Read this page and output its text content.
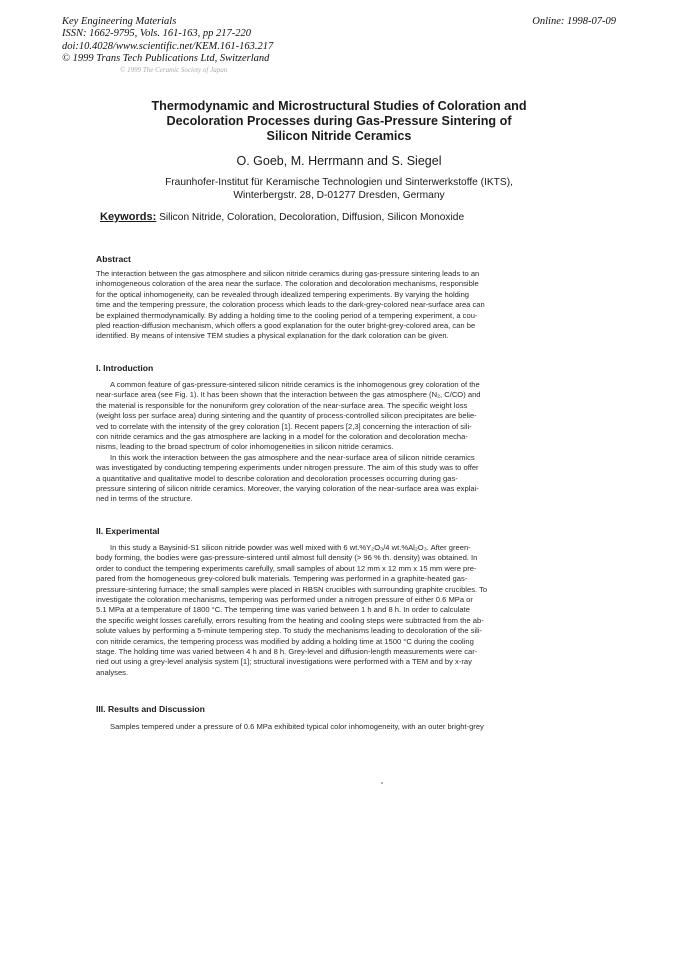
Key Engineering Materials
ISSN: 1662-9795, Vols. 161-163, pp 217-220
doi:10.4028/www.scientific.net/KEM.161-163.217
© 1999 Trans Tech Publications Ltd, Switzerland
Online: 1998-07-09
© 1999 The Ceramic Society of Japan
Thermodynamic and Microstructural Studies of Coloration and
Decoloration Processes during Gas-Pressure Sintering of
Silicon Nitride Ceramics
O. Goeb, M. Herrmann and S. Siegel
Fraunhofer-Institut für Keramische Technologien und Sinterwerkstoffe (IKTS),
Winterbergstr. 28, D-01277 Dresden, Germany
Keywords: Silicon Nitride, Coloration, Decoloration, Diffusion, Silicon Monoxide
Abstract
The interaction between the gas atmosphere and silicon nitride ceramics during gas-pressure sintering leads to an
inhomogeneous coloration of the area near the surface. The coloration and decoloration mechanisms, responsible
for the optical inhomogeneity, can be revealed through idealized tempering experiments. By varying the holding
time and the tempering pressure, the coloration process which leads to the dark-grey-colored near-surface area can
be explained thermodynamically. By adding a holding time to the cooling period of a tempering experiment, a cou-
pled reaction-diffusion mechanism, which offers a good explanation for the outer bright-grey-colored area, can be
identified. By means of intensive TEM studies a physical explanation for the dark coloration can be given.
I. Introduction
A common feature of gas-pressure-sintered silicon nitride ceramics is the inhomogenous grey coloration of the
near-surface area (see Fig. 1). It has been shown that the interaction between the gas atmosphere (N₂, C/CO) and
the material is responsible for the nonuniform grey coloration of the near-surface area. The specific weight loss
(weight loss per surface area) during sintering and the quantity of process-controlled silicon precipitates are belie-
ved to correlate with the intensity of the grey coloration [1]. Recent papers [2,3] concerning the interaction of sili-
con nitride ceramics and the gas atmosphere are lacking in a model for the coloration and decoloration mecha-
nisms, leading to the broad spectrum of color inhomogeneities in silicon nitride ceramics.
In this work the interaction between the gas atmosphere and the near-surface area of silicon nitride ceramics
was investigated by conducting tempering experiments under nitrogen pressure. The aim of this study was to offer
a quantitative and qualitative model to describe coloration and decoloration processes occurring during gas-
pressure sintering of silicon nitride ceramics. Moreover, the varying coloration of the near-surface area was explai-
ned in terms of the structure.
II. Experimental
In this study a Baysinid-S1 silicon nitride powder was well mixed with 6 wt.%Y₂O₃/4 wt.%Al₂O₃. After green-
body forming, the bodies were gas-pressure-sintered until almost full density (> 96 % th. density) was obtained. In
order to conduct the tempering experiments carefully, small samples of about 12 mm x 12 mm x 15 mm were pre-
pared from the homogeneous grey-colored bulk materials. Tempering was performed in a graphite-heated gas-
pressure-sintering furnace; the small samples were placed in RBSN crucibles with surrounding graphite crucibles. To
investigate the coloration mechanisms, tempering was performed under a nitrogen pressure of either 0.6 MPa or
5.1 MPa at a temperature of 1800 °C. The tempering time was varied between 1 h and 8 h. In order to calculate
the specific weight losses carefully, errors resulting from the heating and cooling steps were subtracted from the ab-
solute values by performing a 5-minute tempering step. To study the mechanisms leading to decoloration of the sili-
con nitride ceramics, the tempering process was modified by adding a holding time at 1500 °C during the cooling
stage. The holding time was varied between 4 h and 8 h. Grey-level and diffusion-length measurements were car-
ried out using a grey-level analysis system [1]; structural investigations were performed with a TEM and by x-ray
analyses.
III. Results and Discussion
Samples tempered under a pressure of 0.6 MPa exhibited typical color inhomogeneity, with an outer bright-grey
